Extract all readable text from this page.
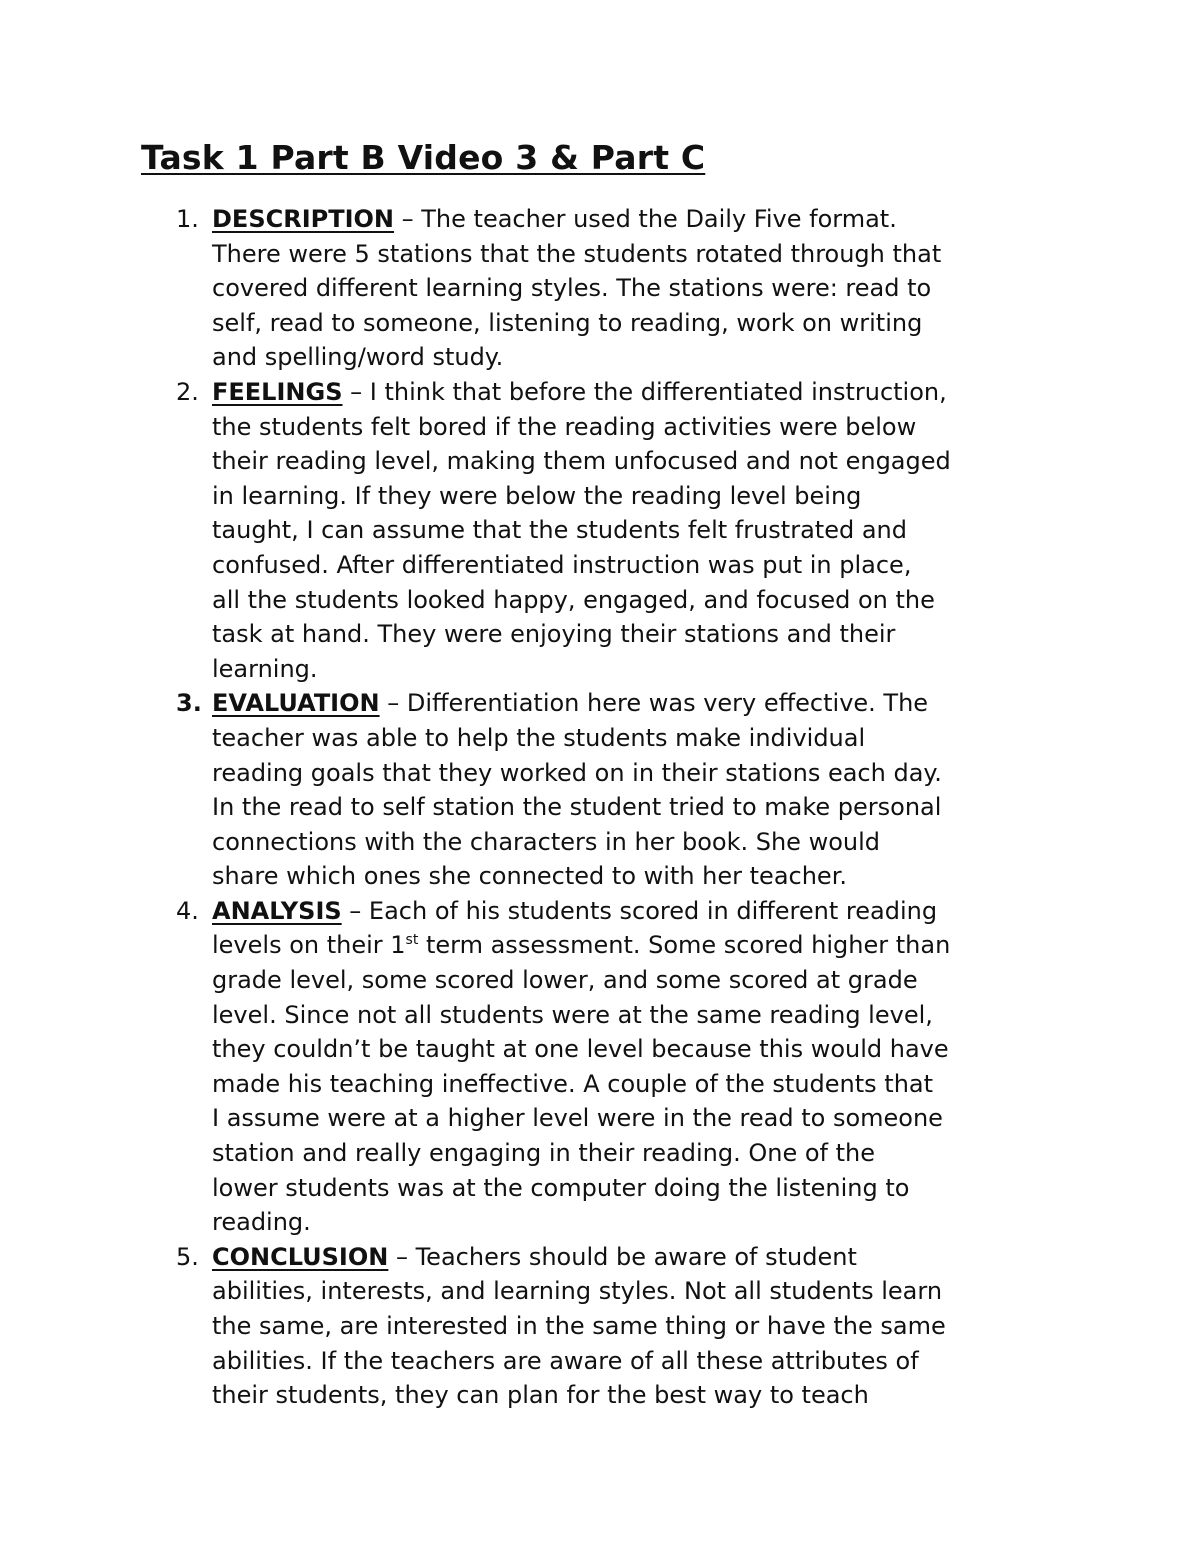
Task 1 Part B Video 3 & Part C
1. DESCRIPTION – The teacher used the Daily Five format.
There were 5 stations that the students rotated through that
covered different learning styles. The stations were: read to
self, read to someone, listening to reading, work on writing
and spelling/word study.
2. FEELINGS – I think that before the differentiated instruction,
the students felt bored if the reading activities were below
their reading level, making them unfocused and not engaged
in learning. If they were below the reading level being
taught, I can assume that the students felt frustrated and
confused. After differentiated instruction was put in place,
all the students looked happy, engaged, and focused on the
task at hand. They were enjoying their stations and their
learning.
3. EVALUATION – Differentiation here was very effective. The
teacher was able to help the students make individual
reading goals that they worked on in their stations each day.
In the read to self station the student tried to make personal
connections with the characters in her book. She would
share which ones she connected to with her teacher.
4. ANALYSIS – Each of his students scored in different reading
levels on their 1st term assessment. Some scored higher than
grade level, some scored lower, and some scored at grade
level. Since not all students were at the same reading level,
they couldn’t be taught at one level because this would have
made his teaching ineffective. A couple of the students that
I assume were at a higher level were in the read to someone
station and really engaging in their reading. One of the
lower students was at the computer doing the listening to
reading.
5. CONCLUSION – Teachers should be aware of student
abilities, interests, and learning styles. Not all students learn
the same, are interested in the same thing or have the same
abilities. If the teachers are aware of all these attributes of
their students, they can plan for the best way to teach
